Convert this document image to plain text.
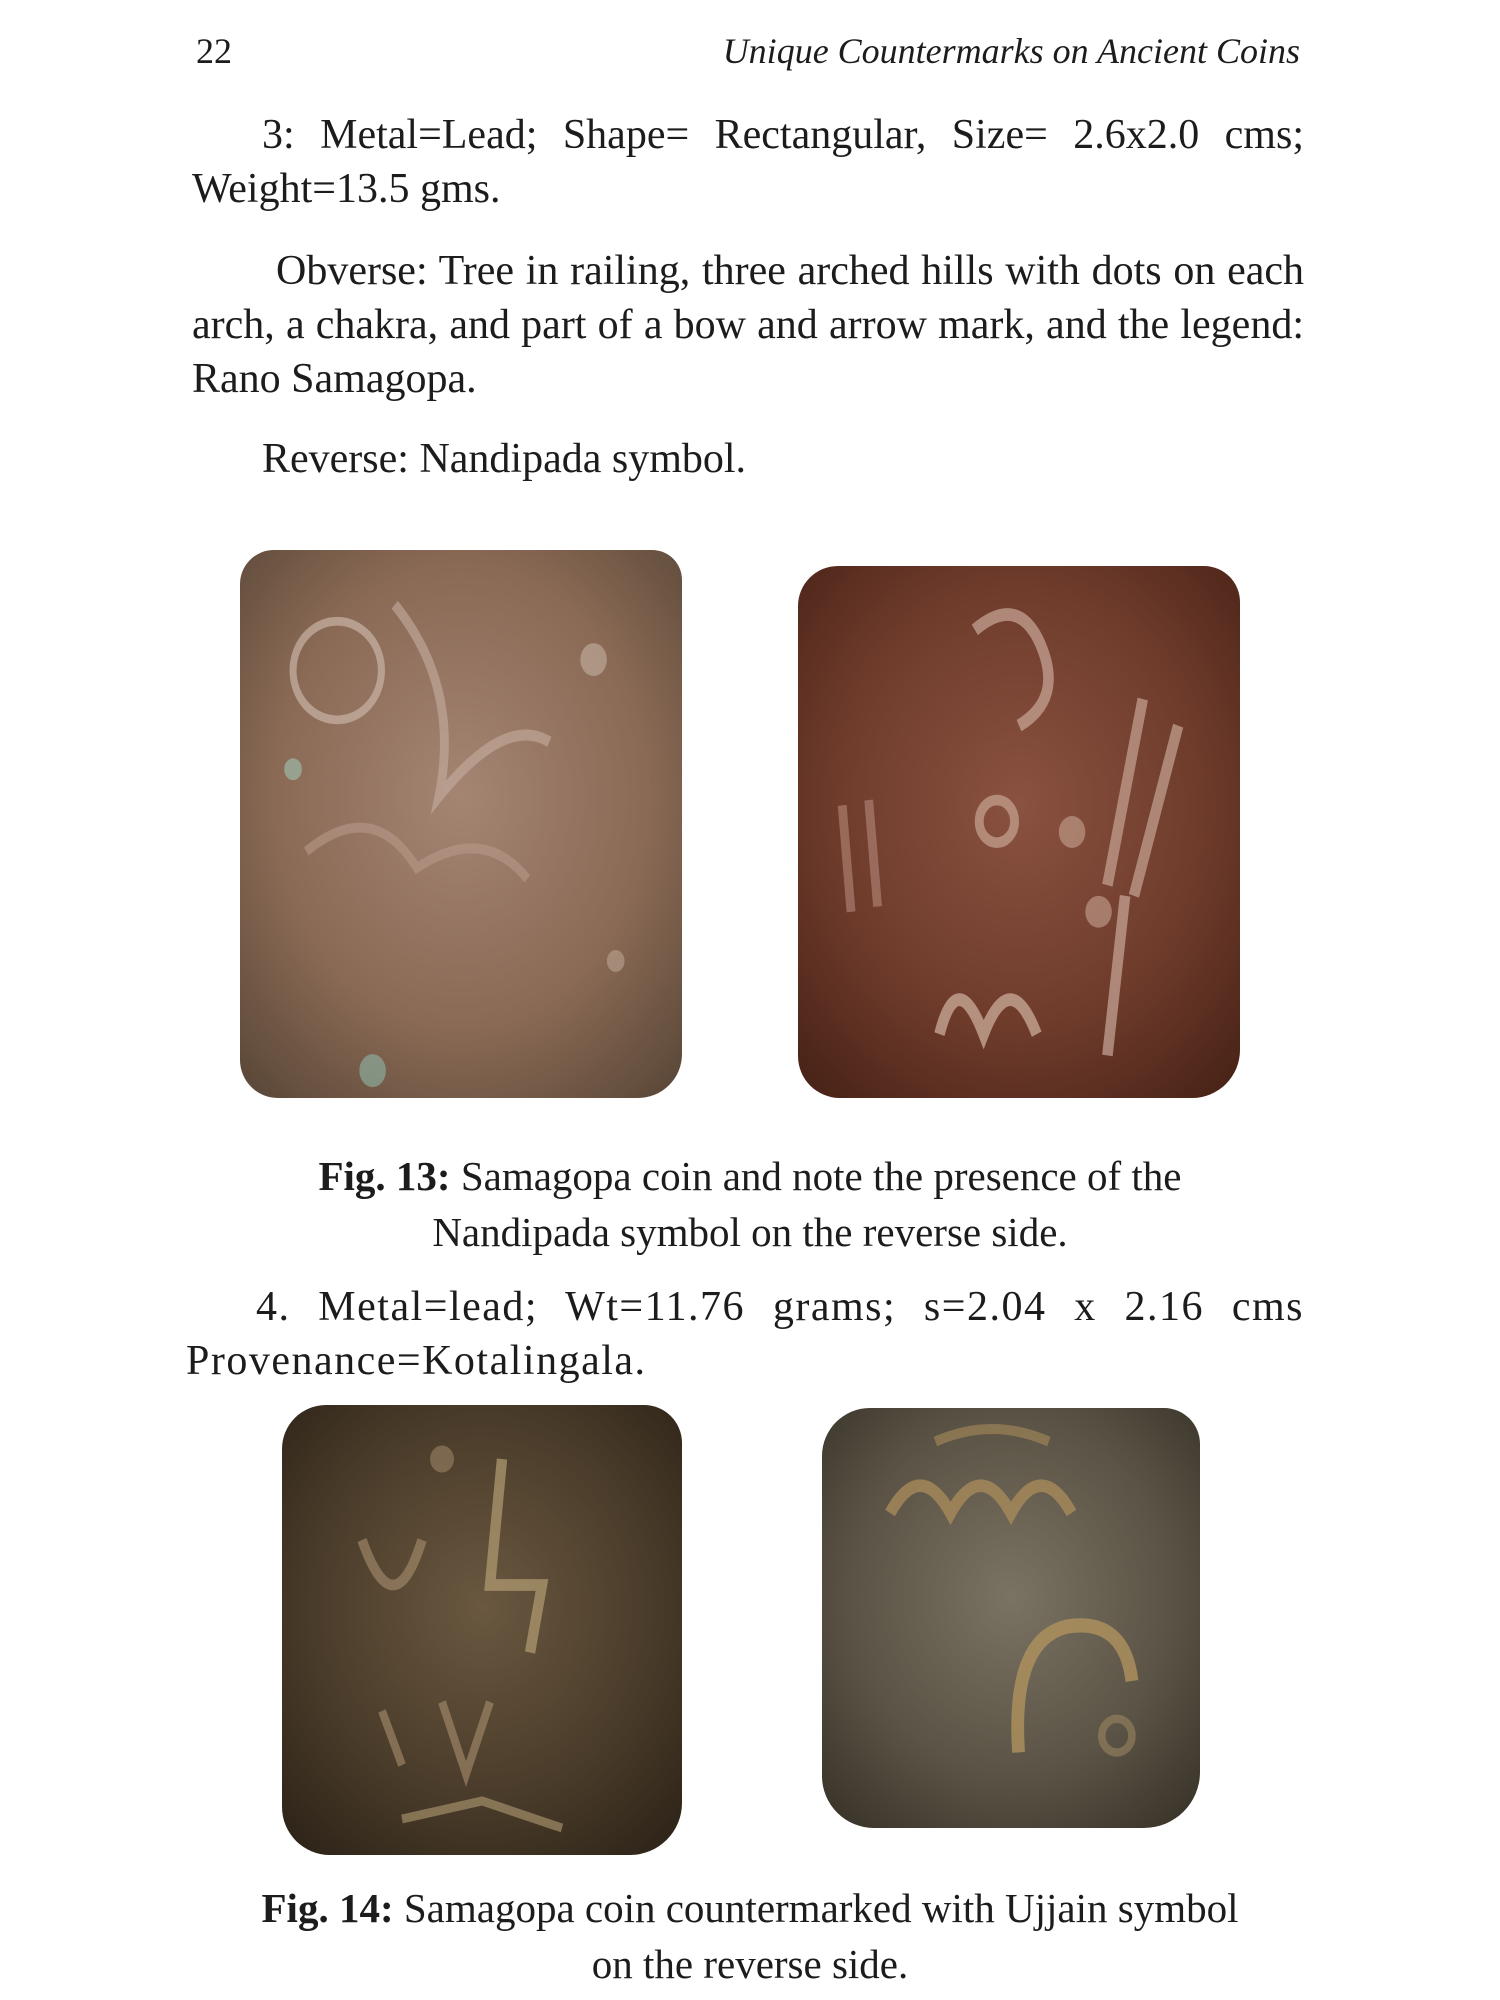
22	Unique Countermarks on Ancient Coins

3: Metal=Lead; Shape= Rectangular, Size= 2.6x2.0 cms; Weight=13.5 gms.

Obverse: Tree in railing, three arched hills with dots on each arch, a chakra, and part of a bow and arrow mark, and the legend: Rano Samagopa.

Reverse: Nandipada symbol.

Fig. 13: Samagopa coin and note the presence of the
Nandipada symbol on the reverse side.

4. Metal=lead; Wt=11.76 grams; s=2.04 x 2.16 cms Provenance=Kotalingala.

Fig. 14: Samagopa coin countermarked with Ujjain symbol
on the reverse side.
